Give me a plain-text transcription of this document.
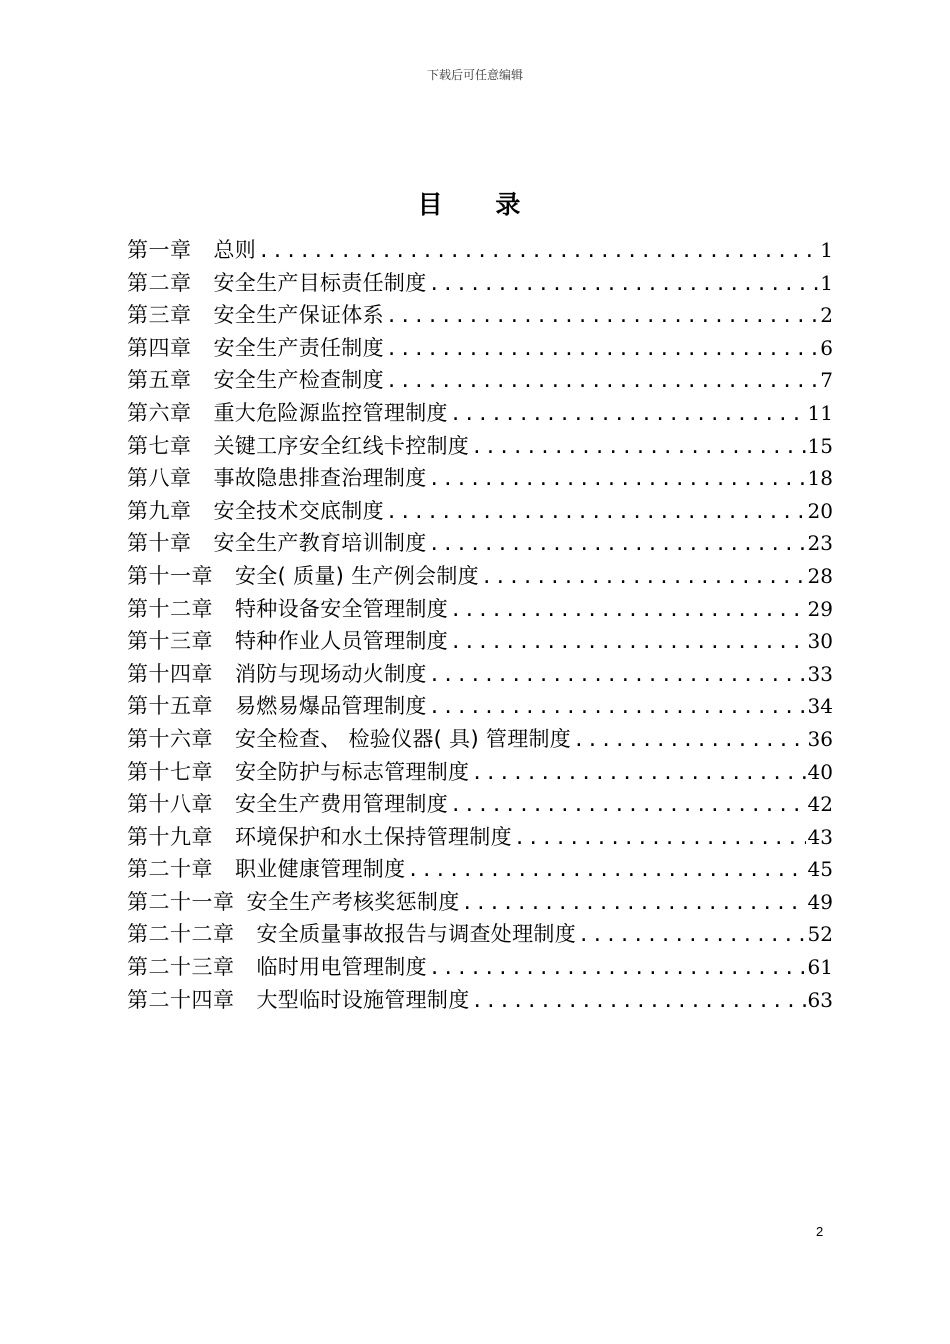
下载后可任意编辑
目 录
第一章 总则 .....	1
第二章 安全生产目标责任制度 .....	1
第三章 安全生产保证体系 .....	2
第四章 安全生产责任制度 .....	6
第五章 安全生产检查制度 .....	7
第六章 重大危险源监控管理制度 .....	11
第七章 关键工序安全红线卡控制度 .....	15
第八章 事故隐患排查治理制度 .....	18
第九章 安全技术交底制度 .....	20
第十章 安全生产教育培训制度 .....	23
第十一章 安全( 质量) 生产例会制度 .....	28
第十二章 特种设备安全管理制度 .....	29
第十三章 特种作业人员管理制度 .....	30
第十四章 消防与现场动火制度 .....	33
第十五章 易燃易爆品管理制度 .....	34
第十六章 安全检查、 检验仪器( 具) 管理制度 .....	36
第十七章 安全防护与标志管理制度 .....	40
第十八章 安全生产费用管理制度 .....	42
第十九章 环境保护和水土保持管理制度 .....	43
第二十章 职业健康管理制度 .....	45
第二十一章 安全生产考核奖惩制度 .....	49
第二十二章 安全质量事故报告与调查处理制度 .....	52
第二十三章 临时用电管理制度 .....	61
第二十四章 大型临时设施管理制度 .....	63
2
